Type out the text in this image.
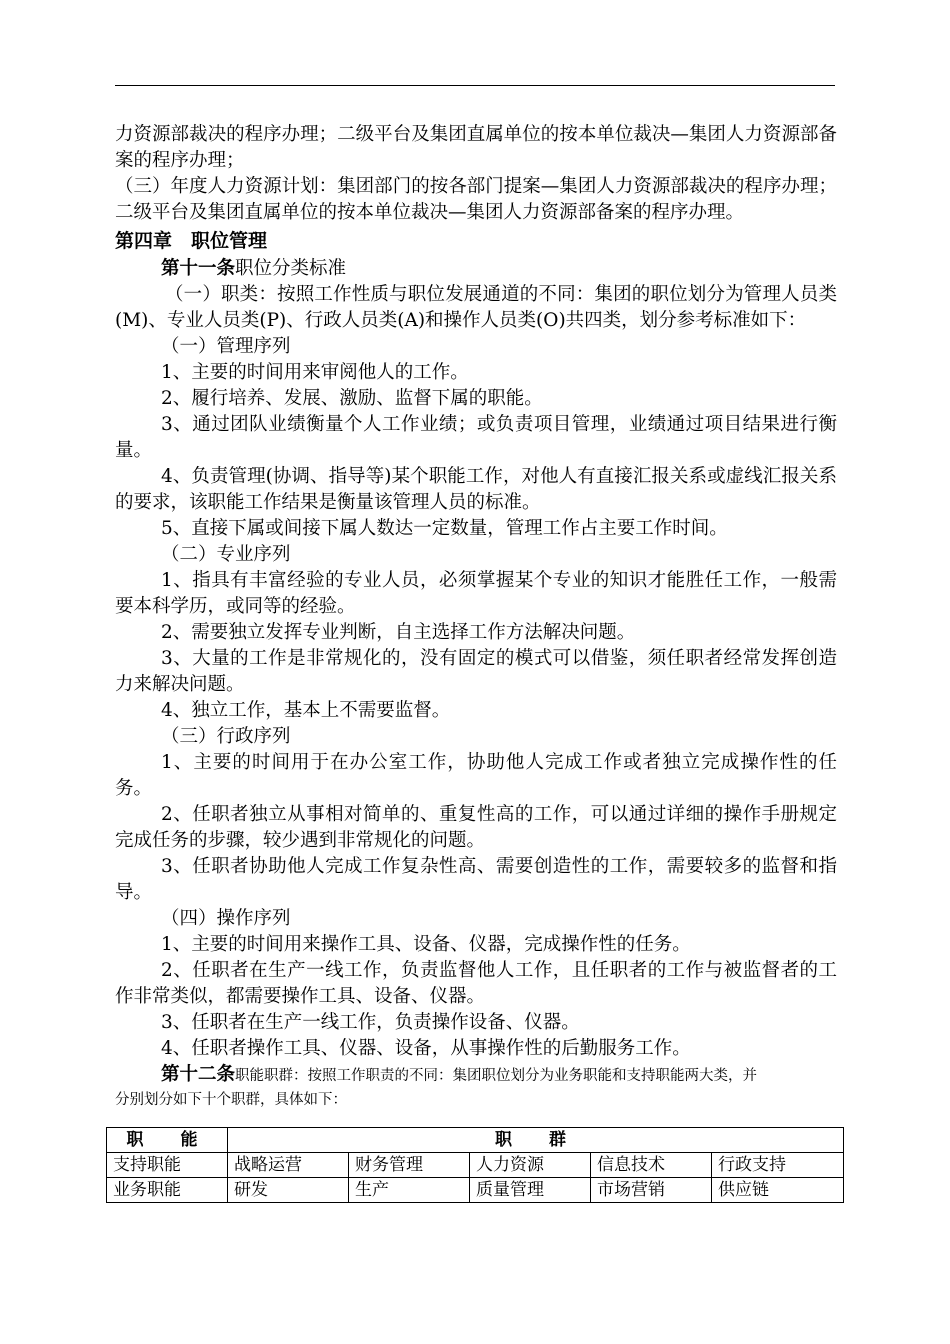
力资源部裁决的程序办理；二级平台及集团直属单位的按本单位裁决—集团人力资源部备案的程序办理；

（三）年度人力资源计划：集团部门的按各部门提案—集团人力资源部裁决的程序办理；二级平台及集团直属单位的按本单位裁决—集团人力资源部备案的程序办理。

第四章　职位管理

第十一条职位分类标准

（一）职类：按照工作性质与职位发展通道的不同：集团的职位划分为管理人员类(M)、专业人员类(P)、行政人员类(A)和操作人员类(O)共四类，划分参考标准如下：

（一）管理序列

1、主要的时间用来审阅他人的工作。

2、履行培养、发展、激励、监督下属的职能。

3、通过团队业绩衡量个人工作业绩；或负责项目管理，业绩通过项目结果进行衡量。

4、负责管理(协调、指导等)某个职能工作，对他人有直接汇报关系或虚线汇报关系的要求，该职能工作结果是衡量该管理人员的标准。

5、直接下属或间接下属人数达一定数量，管理工作占主要工作时间。

（二）专业序列

1、指具有丰富经验的专业人员，必须掌握某个专业的知识才能胜任工作，一般需要本科学历，或同等的经验。

2、需要独立发挥专业判断，自主选择工作方法解决问题。

3、大量的工作是非常规化的，没有固定的模式可以借鉴，须任职者经常发挥创造力来解决问题。

4、独立工作，基本上不需要监督。

（三）行政序列

1、主要的时间用于在办公室工作，协助他人完成工作或者独立完成操作性的任务。

2、任职者独立从事相对简单的、重复性高的工作，可以通过详细的操作手册规定完成任务的步骤，较少遇到非常规化的问题。

3、任职者协助他人完成工作复杂性高、需要创造性的工作，需要较多的监督和指导。

（四）操作序列

1、主要的时间用来操作工具、设备、仪器，完成操作性的任务。

2、任职者在生产一线工作，负责监督他人工作，且任职者的工作与被监督者的工作非常类似，都需要操作工具、设备、仪器。

3、任职者在生产一线工作，负责操作设备、仪器。

4、任职者操作工具、仪器、设备，从事操作性的后勤服务工作。

第十二条职能职群：按照工作职责的不同：集团职位划分为业务职能和支持职能两大类，并

分别划分如下十个职群，具体如下：

职　能	职　群				
支持职能	战略运营	财务管理	人力资源	信息技术	行政支持
业务职能	研发	生产	质量管理	市场营销	供应链
